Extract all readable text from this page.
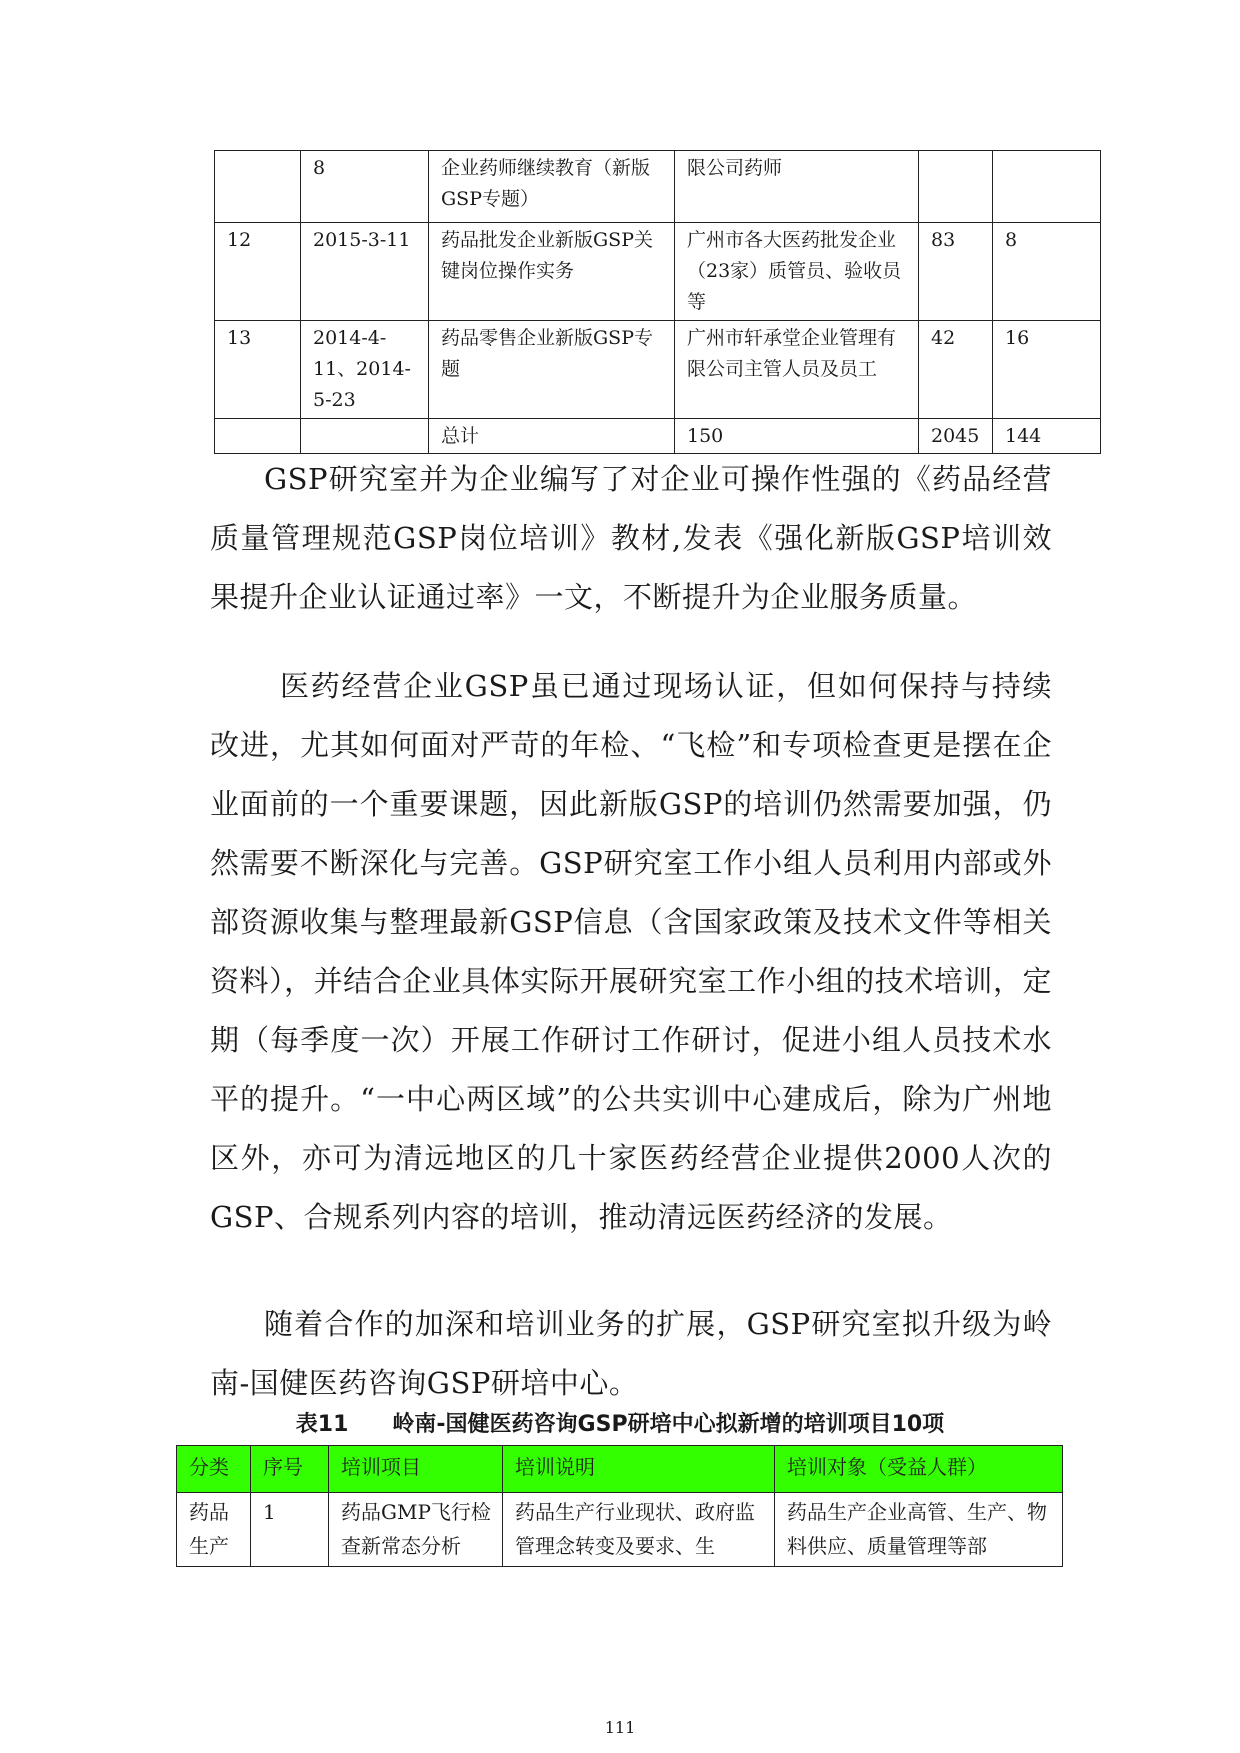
	8	企业药师继续教育（新版GSP专题）	限公司药师		
12	2015-3-11	药品批发企业新版GSP关键岗位操作实务	广州市各大医药批发企业（23家）质管员、验收员等	83	8
13	2014-4-11、2014-5-23	药品零售企业新版GSP专题	广州市轩承堂企业管理有限公司主管人员及员工	42	16
		总计	150	2045	144

GSP研究室并为企业编写了对企业可操作性强的《药品经营质量管理规范GSP岗位培训》教材,发表《强化新版GSP培训效果提升企业认证通过率》一文，不断提升为企业服务质量。

医药经营企业GSP虽已通过现场认证，但如何保持与持续改进，尤其如何面对严苛的年检、“飞检”和专项检查更是摆在企业面前的一个重要课题，因此新版GSP的培训仍然需要加强，仍然需要不断深化与完善。GSP研究室工作小组人员利用内部或外部资源收集与整理最新GSP信息（含国家政策及技术文件等相关资料），并结合企业具体实际开展研究室工作小组的技术培训，定期（每季度一次）开展工作研讨工作研讨，促进小组人员技术水平的提升。“一中心两区域”的公共实训中心建成后，除为广州地区外，亦可为清远地区的几十家医药经营企业提供2000人次的GSP、合规系列内容的培训，推动清远医药经济的发展。

随着合作的加深和培训业务的扩展，GSP研究室拟升级为岭南-国健医药咨询GSP研培中心。

表11　　岭南-国健医药咨询GSP研培中心拟新增的培训项目10项

分类	序号	培训项目	培训说明	培训对象（受益人群）
药品生产	1	药品GMP飞行检查新常态分析	药品生产行业现状、政府监管理念转变及要求、生	药品生产企业高管、生产、物料供应、质量管理等部

111
